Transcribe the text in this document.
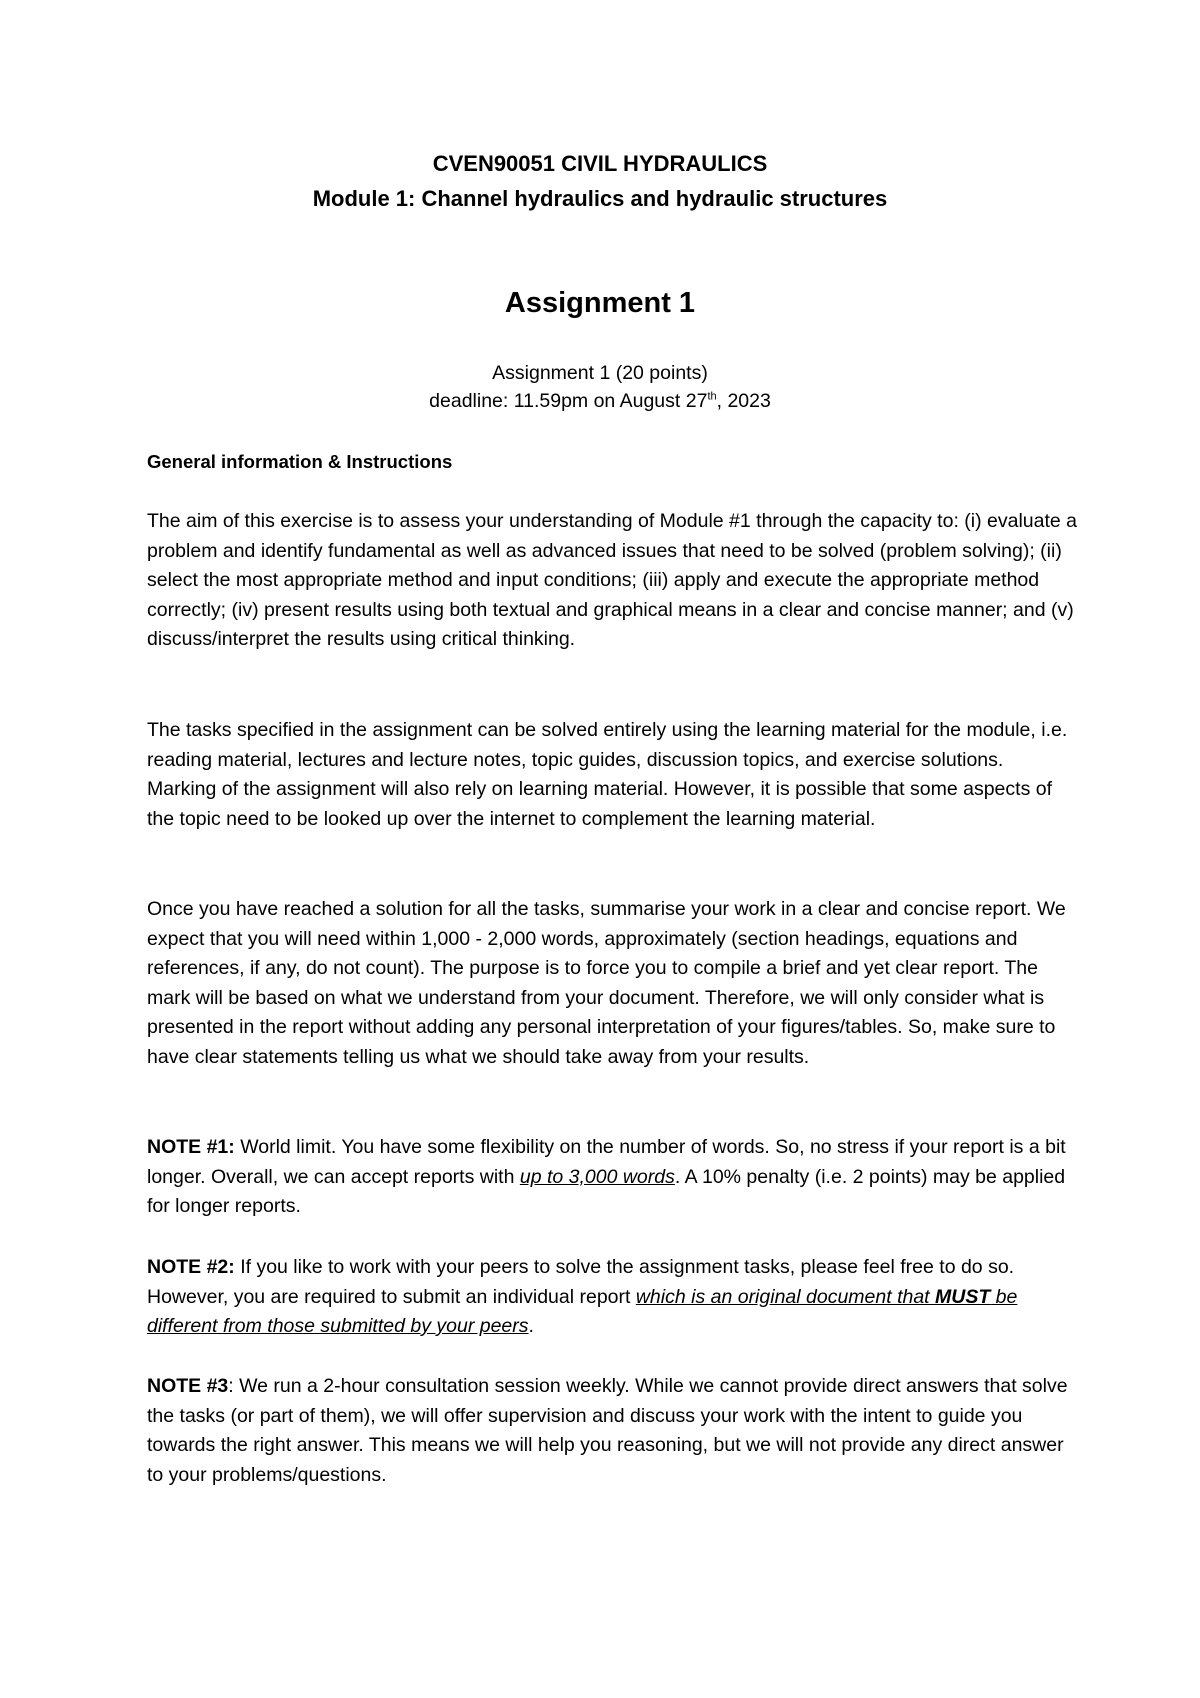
CVEN90051 CIVIL HYDRAULICS
Module 1: Channel hydraulics and hydraulic structures
Assignment 1
Assignment 1 (20 points)
deadline: 11.59pm on August 27th, 2023
General information & Instructions

The aim of this exercise is to assess your understanding of Module #1 through the capacity to: (i) evaluate a problem and identify fundamental as well as advanced issues that need to be solved (problem solving); (ii) select the most appropriate method and input conditions; (iii) apply and execute the appropriate method correctly; (iv) present results using both textual and graphical means in a clear and concise manner; and (v) discuss/interpret the results using critical thinking.

The tasks specified in the assignment can be solved entirely using the learning material for the module, i.e. reading material, lectures and lecture notes, topic guides, discussion topics, and exercise solutions. Marking of the assignment will also rely on learning material. However, it is possible that some aspects of the topic need to be looked up over the internet to complement the learning material.

Once you have reached a solution for all the tasks, summarise your work in a clear and concise report. We expect that you will need within 1,000 - 2,000 words, approximately (section headings, equations and references, if any, do not count). The purpose is to force you to compile a brief and yet clear report. The mark will be based on what we understand from your document. Therefore, we will only consider what is presented in the report without adding any personal interpretation of your figures/tables. So, make sure to have clear statements telling us what we should take away from your results.

NOTE #1: World limit. You have some flexibility on the number of words. So, no stress if your report is a bit longer. Overall, we can accept reports with up to 3,000 words. A 10% penalty (i.e. 2 points) may be applied for longer reports.

NOTE #2: If you like to work with your peers to solve the assignment tasks, please feel free to do so. However, you are required to submit an individual report which is an original document that MUST be different from those submitted by your peers.

NOTE #3: We run a 2-hour consultation session weekly. While we cannot provide direct answers that solve the tasks (or part of them), we will offer supervision and discuss your work with the intent to guide you towards the right answer. This means we will help you reasoning, but we will not provide any direct answer to your problems/questions.
